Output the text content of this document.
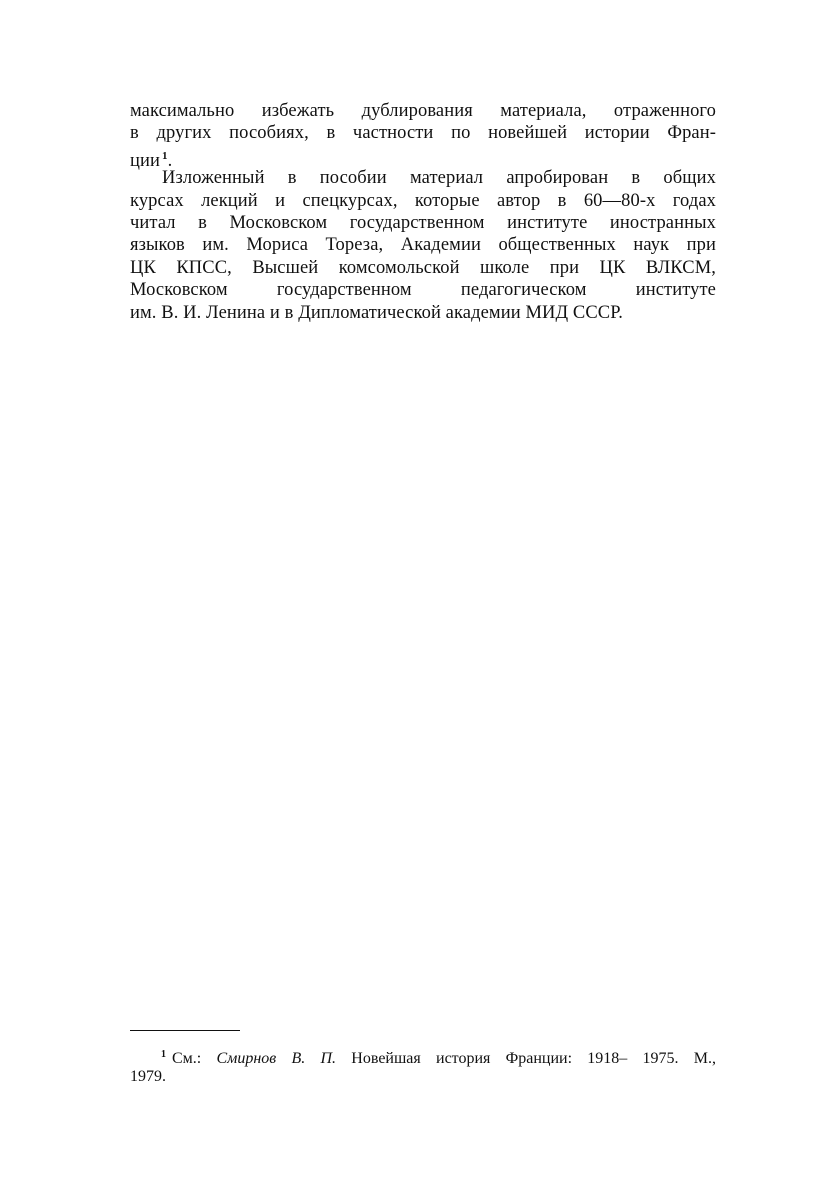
максимально избежать дублирования материала, отраженного
в других пособиях, в частности по новейшей истории Фран-
ции $^1$.
Изложенный в пособии материал апробирован в общих
курсах лекций и спецкурсах, которые автор в 60—80-х годах
читал в Московском государственном институте иностранных
языков им. Мориса Тореза, Академии общественных наук при
ЦК КПСС, Высшей комсомольской школе при ЦК ВЛКСМ,
Московском государственном педагогическом институте
им. В. И. Ленина и в Дипломатической академии МИД СССР.
$^1$ См.: Смирнов В. П. Новейшая история Франции: 1918– 1975. М.,
1979.
